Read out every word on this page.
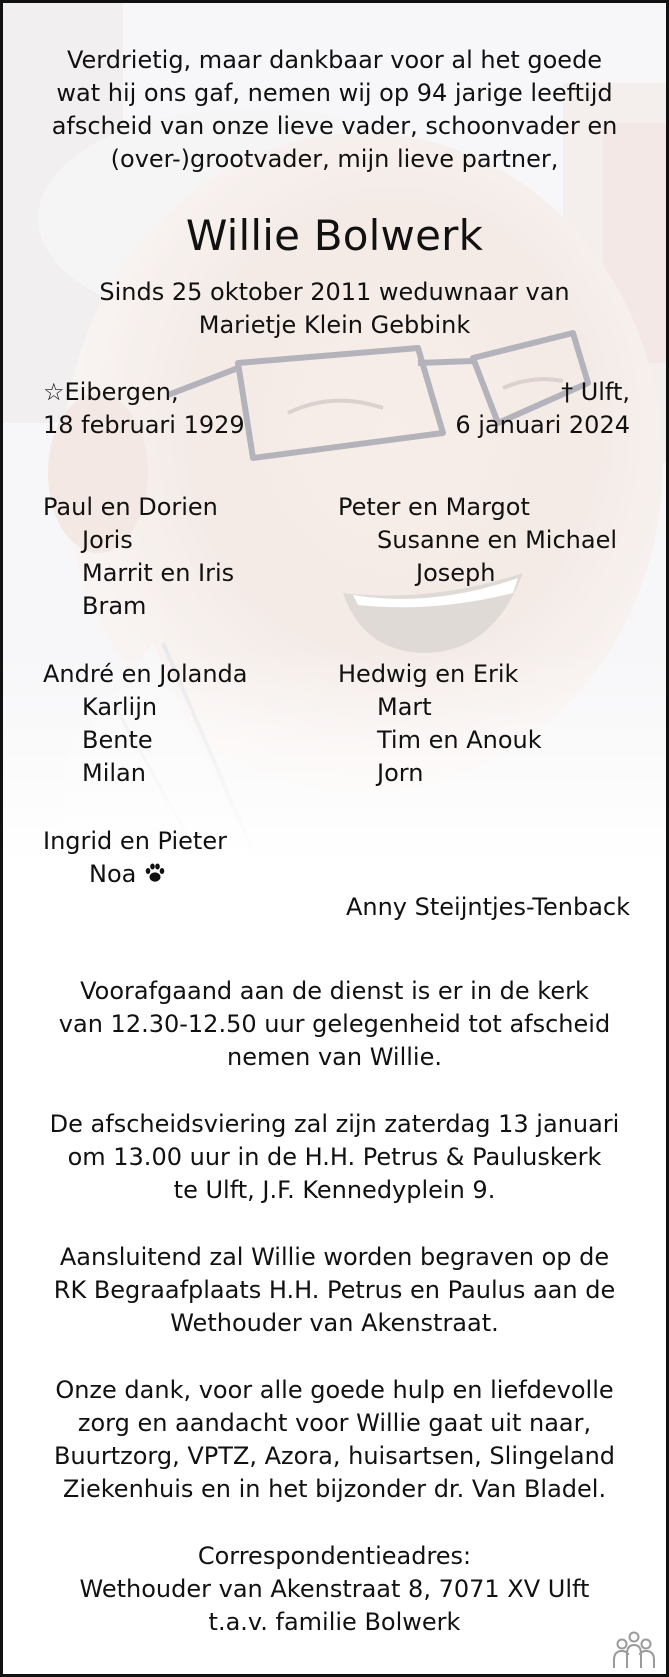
Verdrietig, maar dankbaar voor al het goede
wat hij ons gaf, nemen wij op 94 jarige leeftijd
afscheid van onze lieve vader, schoonvader en
(over-)grootvader, mijn lieve partner,
Willie Bolwerk
Sinds 25 oktober 2011 weduwnaar van
Marietje Klein Gebbink
☆Eibergen,
18 februari 1929
† Ulft,
6 januari 2024
Paul en Dorien
Joris
Marrit en Iris
Bram
Peter en Margot
Susanne en Michael
Joseph
André en Jolanda
Karlijn
Bente
Milan
Hedwig en Erik
Mart
Tim en Anouk
Jorn
Ingrid en Pieter
Noa
Anny Steijntjes-Tenback
Voorafgaand aan de dienst is er in de kerk
van 12.30-12.50 uur gelegenheid tot afscheid
nemen van Willie.
De afscheidsviering zal zijn zaterdag 13 januari
om 13.00 uur in de H.H. Petrus & Pauluskerk
te Ulft, J.F. Kennedyplein 9.
Aansluitend zal Willie worden begraven op de
RK Begraafplaats H.H. Petrus en Paulus aan de
Wethouder van Akenstraat.
Onze dank, voor alle goede hulp en liefdevolle
zorg en aandacht voor Willie gaat uit naar,
Buurtzorg, VPTZ, Azora, huisartsen, Slingeland
Ziekenhuis en in het bijzonder dr. Van Bladel.
Correspondentieadres:
Wethouder van Akenstraat 8, 7071 XV Ulft
t.a.v. familie Bolwerk
